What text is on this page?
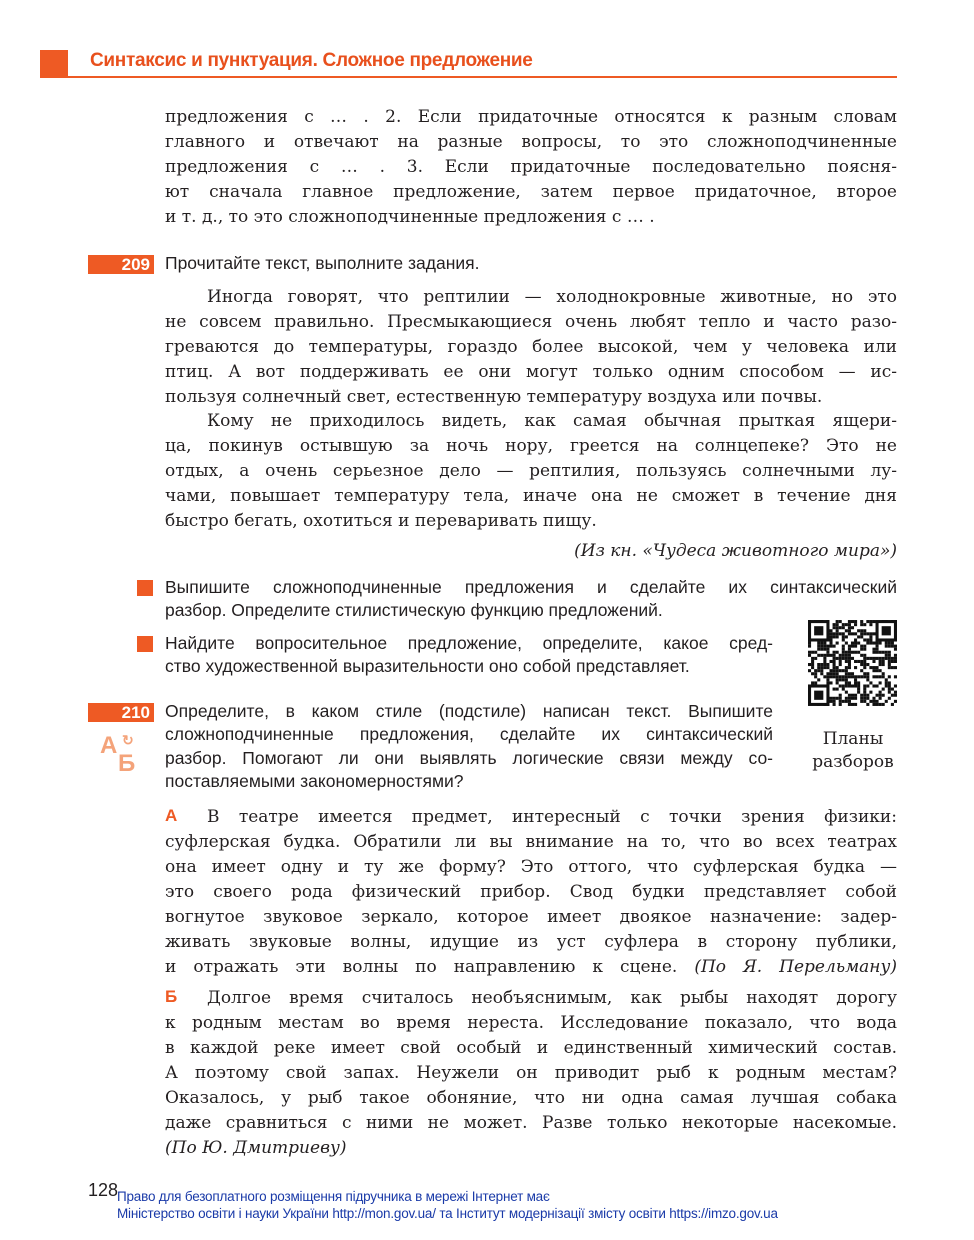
Синтаксис и пунктуация. Сложное предложение
предложения с … . 2. Если придаточные относятся к разным словам
главного и отвечают на разные вопросы, то это сложноподчиненные
предложения с … . 3. Если придаточные последовательно поясня-
ют сначала главное предложение, затем первое придаточное, второе
и т. д., то это сложноподчиненные предложения с … .
209 Прочитайте текст, выполните задания.
Иногда говорят, что рептилии — холоднокровные животные, но это
не совсем правильно. Пресмыкающиеся очень любят тепло и часто разо-
греваются до температуры, гораздо более высокой, чем у человека или
птиц. А вот поддерживать ее они могут только одним способом — ис-
пользуя солнечный свет, естественную температуру воздуха или почвы.
Кому не приходилось видеть, как самая обычная прыткая ящери-
ца, покинув остывшую за ночь нору, греется на солнцепеке? Это не
отдых, а очень серьезное дело — рептилия, пользуясь солнечными лу-
чами, повышает температуру тела, иначе она не сможет в течение дня
быстро бегать, охотиться и переваривать пищу.
(Из кн. «Чудеса животного мира»)
Выпишите сложноподчиненные предложения и сделайте их синтаксический
разбор. Определите стилистическую функцию предложений.
Найдите вопросительное предложение, определите, какое сред-
ство художественной выразительности оно собой представляет.
Планы
разборов
210
А
Б
↻
Определите, в каком стиле (подстиле) написан текст. Выпишите
сложноподчиненные предложения, сделайте их синтаксический
разбор. Помогают ли они выявлять логические связи между со-
поставляемыми закономерностями?
А	В театре имеется предмет, интересный с точки зрения физики:
суфлерская будка. Обратили ли вы внимание на то, что во всех театрах
она имеет одну и ту же форму? Это оттого, что суфлерская будка —
это своего рода физический прибор. Свод будки представляет собой
вогнутое звуковое зеркало, которое имеет двоякое назначение: задер-
живать звуковые волны, идущие из уст суфлера в сторону публики,
и отражать эти волны по направлению к сцене. (По Я. Перельману)
Б	Долгое время считалось необъяснимым, как рыбы находят дорогу
к родным местам во время нереста. Исследование показало, что вода
в каждой реке имеет свой особый и единственный химический состав.
А поэтому свой запах. Неужели он приводит рыб к родным местам?
Оказалось, у рыб такое обоняние, что ни одна самая лучшая собака
даже сравниться с ними не может. Разве только некоторые насекомые.
(По Ю. Дмитриеву)
128
Право для безоплатного розміщення підручника в мережі Інтернет має
Міністерство освіти і науки України http://mon.gov.ua/ та Інститут модернізації змісту освіти https://imzo.gov.ua
